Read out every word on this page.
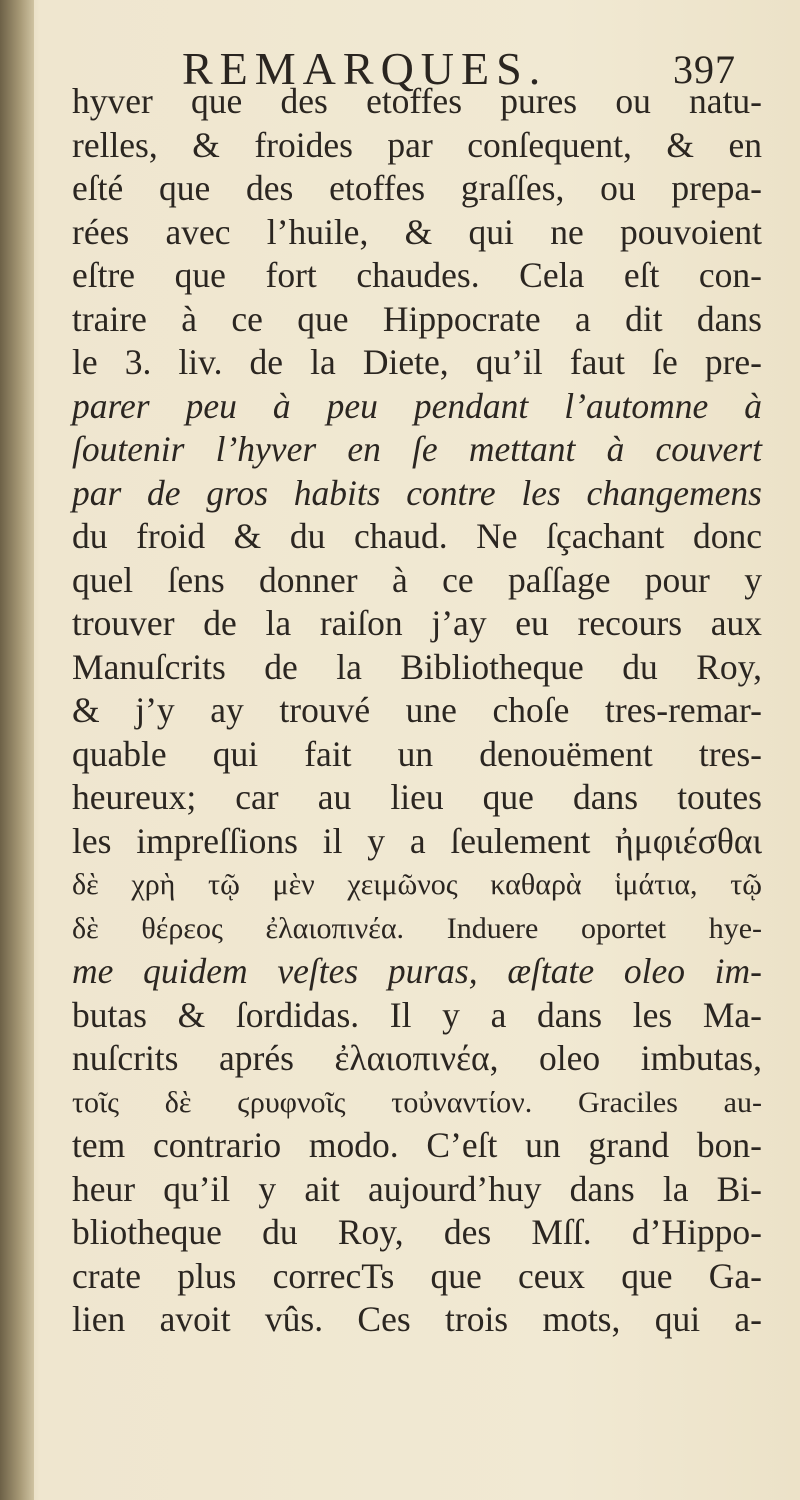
REMARQUES.	397
hyver que des etoffes pures ou natu-
relles, & froides par conſequent, & en
eſté que des etoffes graſſes, ou prepa-
rées avec l’huile, & qui ne pouvoient
eſtre que fort chaudes. Cela eſt con-
traire à ce que Hippocrate a dit dans
le 3. liv. de la Diete, qu’il faut ſe pre-
parer peu à peu pendant l’automne à
ſoutenir l’hyver en ſe mettant à couvert
par de gros habits contre les changemens
du froid & du chaud. Ne ſçachant donc
quel ſens donner à ce paſſage pour y
trouver de la raiſon j’ay eu recours aux
Manuſcrits de la Bibliotheque du Roy,
& j’y ay trouvé une choſe tres-remar-
quable qui fait un denouëment tres-
heureux; car au lieu que dans toutes
les impreſſions il y a ſeulement ἠμφιέσθαι
δὲ χρὴ τῷ μὲν χειμῶνος καθαρὰ ἱμάτια, τῷ
δὲ θέρεος ἐλαιοπινέα. Induere oportet hye-
me quidem veſtes puras, æſtate oleo im-
butas & ſordidas. Il y a dans les Ma-
nuſcrits aprés ἐλαιοπινέα, oleo imbutas,
τοῖς δὲ ϛρυφνοῖς τοὐναντίον. Graciles au-
tem contrario modo. C’eſt un grand bon-
heur qu’il y ait aujourd’huy dans la Bi-
bliotheque du Roy, des Mſſ. d’Hippo-
crate plus correcTs que ceux que Ga-
lien avoit vûs. Ces trois mots, qui a-
